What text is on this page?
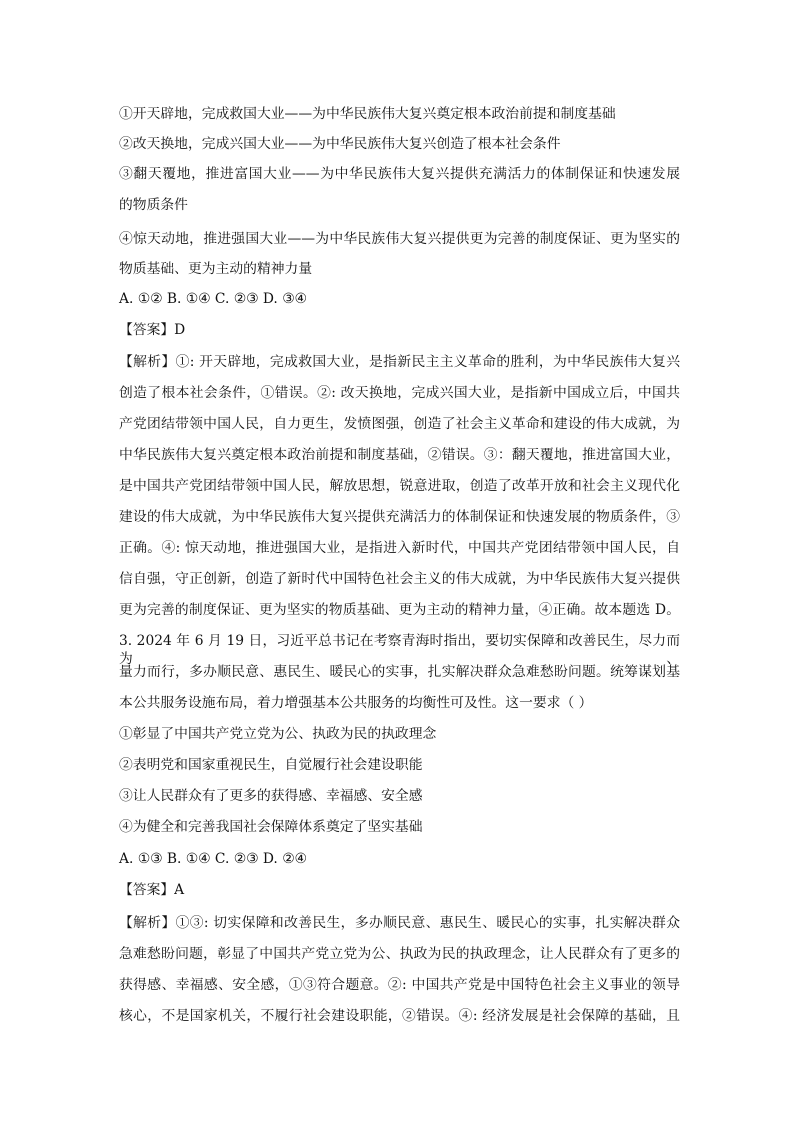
①开天辟地，完成救国大业——为中华民族伟大复兴奠定根本政治前提和制度基础
②改天换地，完成兴国大业——为中华民族伟大复兴创造了根本社会条件
③翻天覆地，推进富国大业——为中华民族伟大复兴提供充满活力的体制保证和快速发展
的物质条件
④惊天动地，推进强国大业——为中华民族伟大复兴提供更为完善的制度保证、更为坚实的
物质基础、更为主动的精神力量
A. ①② B. ①④ C. ②③ D. ③④
【答案】D
【解析】①: 开天辟地，完成救国大业，是指新民主主义革命的胜利，为中华民族伟大复兴
创造了根本社会条件，①错误。②: 改天换地，完成兴国大业，是指新中国成立后，中国共
产党团结带领中国人民，自力更生，发愤图强，创造了社会主义革命和建设的伟大成就，为
中华民族伟大复兴奠定根本政治前提和制度基础，②错误。③：翻天覆地，推进富国大业，
是中国共产党团结带领中国人民，解放思想，锐意进取，创造了改革开放和社会主义现代化
建设的伟大成就，为中华民族伟大复兴提供充满活力的体制保证和快速发展的物质条件，③
正确。④: 惊天动地，推进强国大业，是指进入新时代，中国共产党团结带领中国人民，自
信自强，守正创新，创造了新时代中国特色社会主义的伟大成就，为中华民族伟大复兴提供
更为完善的制度保证、更为坚实的物质基础、更为主动的精神力量，④正确。故本题选 D。
3. 2024 年 6 月 19 日，习近平总书记在考察青海时指出，要切实保障和改善民生，尽力而为、
量力而行，多办顺民意、惠民生、暖民心的实事，扎实解决群众急难愁盼问题。统筹谋划基
本公共服务设施布局，着力增强基本公共服务的均衡性可及性。这一要求（ ）
①彰显了中国共产党立党为公、执政为民的执政理念
②表明党和国家重视民生，自觉履行社会建设职能
③让人民群众有了更多的获得感、幸福感、安全感
④为健全和完善我国社会保障体系奠定了坚实基础
A. ①③ B. ①④ C. ②③ D. ②④
【答案】A
【解析】①③: 切实保障和改善民生，多办顺民意、惠民生、暖民心的实事，扎实解决群众
急难愁盼问题，彰显了中国共产党立党为公、执政为民的执政理念，让人民群众有了更多的
获得感、幸福感、安全感，①③符合题意。②: 中国共产党是中国特色社会主义事业的领导
核心，不是国家机关，不履行社会建设职能，②错误。④: 经济发展是社会保障的基础，且
